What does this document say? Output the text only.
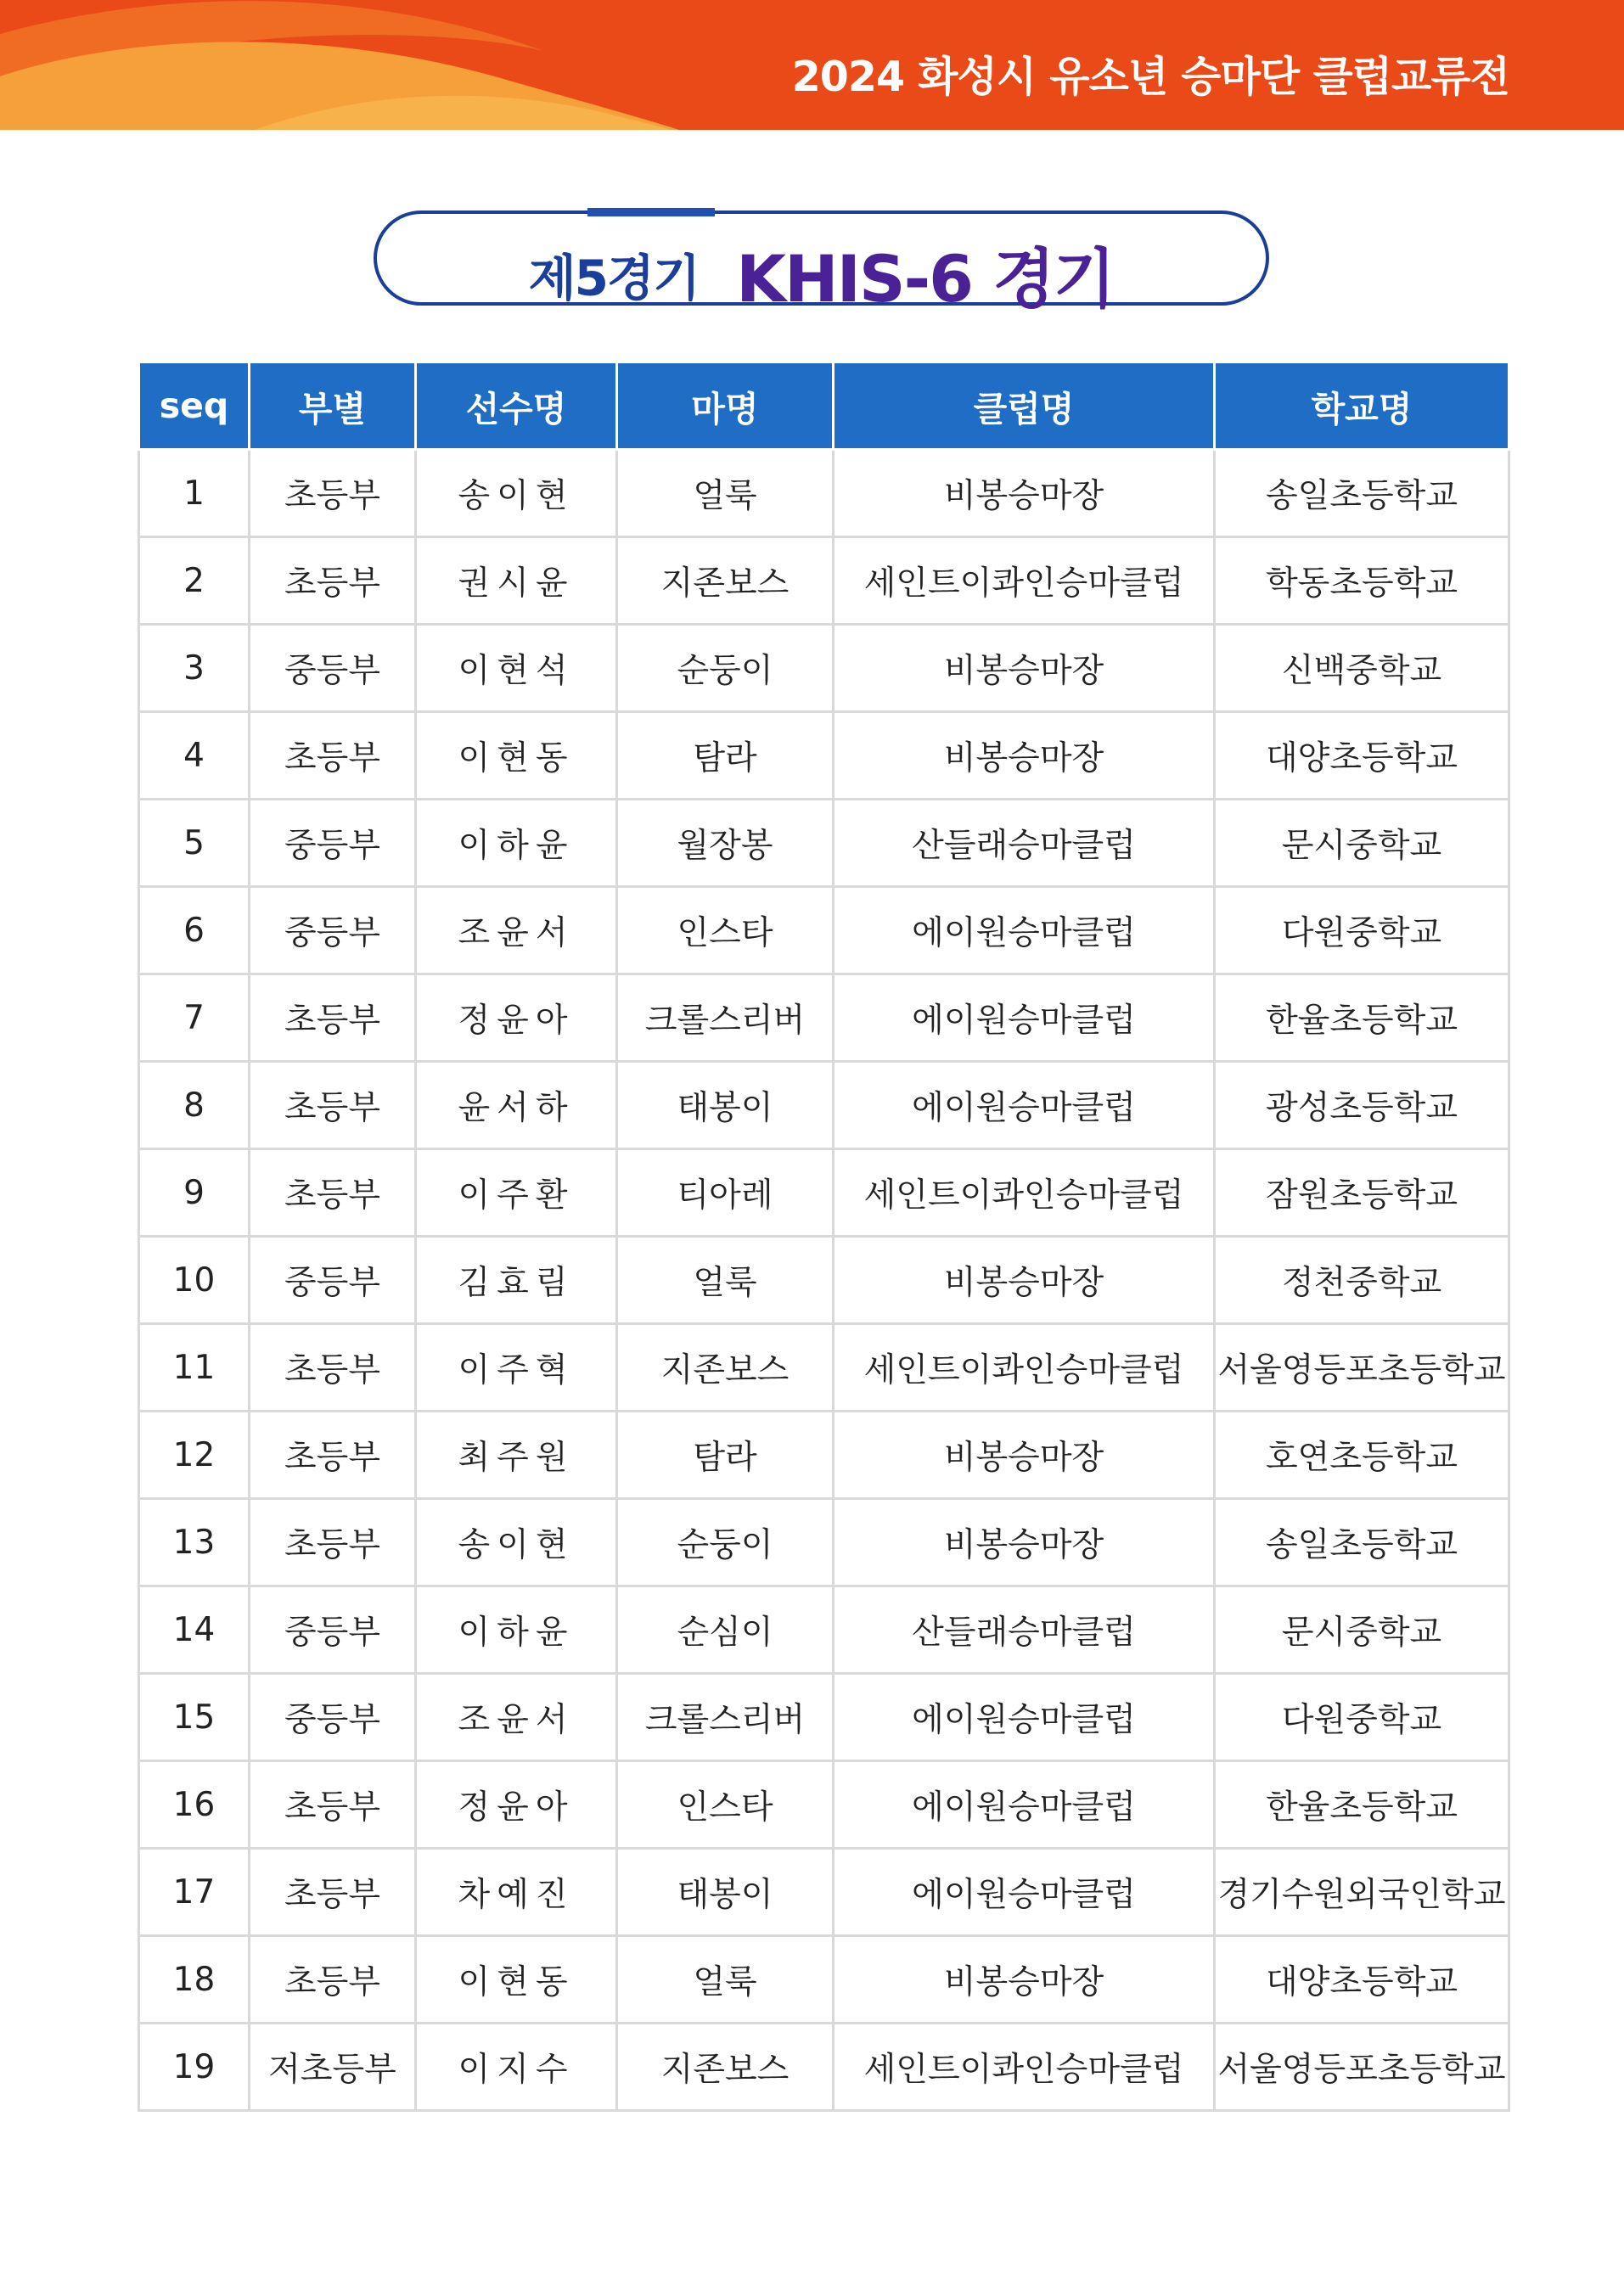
2024 화성시 유소년 승마단 클럽교류전
제5경기 KHIS-6 경기
seq	부별	선수명	마명	클럽명	학교명
1	초등부	송이현	얼룩	비봉승마장	송일초등학교
2	초등부	권시윤	지존보스	세인트이콰인승마클럽	학동초등학교
3	중등부	이현석	순둥이	비봉승마장	신백중학교
4	초등부	이현동	탐라	비봉승마장	대양초등학교
5	중등부	이하윤	월장봉	산들래승마클럽	문시중학교
6	중등부	조윤서	인스타	에이원승마클럽	다원중학교
7	초등부	정윤아	크롤스리버	에이원승마클럽	한율초등학교
8	초등부	윤서하	태봉이	에이원승마클럽	광성초등학교
9	초등부	이주환	티아레	세인트이콰인승마클럽	잠원초등학교
10	중등부	김효림	얼룩	비봉승마장	정천중학교
11	초등부	이주혁	지존보스	세인트이콰인승마클럽	서울영등포초등학교
12	초등부	최주원	탐라	비봉승마장	호연초등학교
13	초등부	송이현	순둥이	비봉승마장	송일초등학교
14	중등부	이하윤	순심이	산들래승마클럽	문시중학교
15	중등부	조윤서	크롤스리버	에이원승마클럽	다원중학교
16	초등부	정윤아	인스타	에이원승마클럽	한율초등학교
17	초등부	차예진	태봉이	에이원승마클럽	경기수원외국인학교
18	초등부	이현동	얼룩	비봉승마장	대양초등학교
19	저초등부	이지수	지존보스	세인트이콰인승마클럽	서울영등포초등학교
